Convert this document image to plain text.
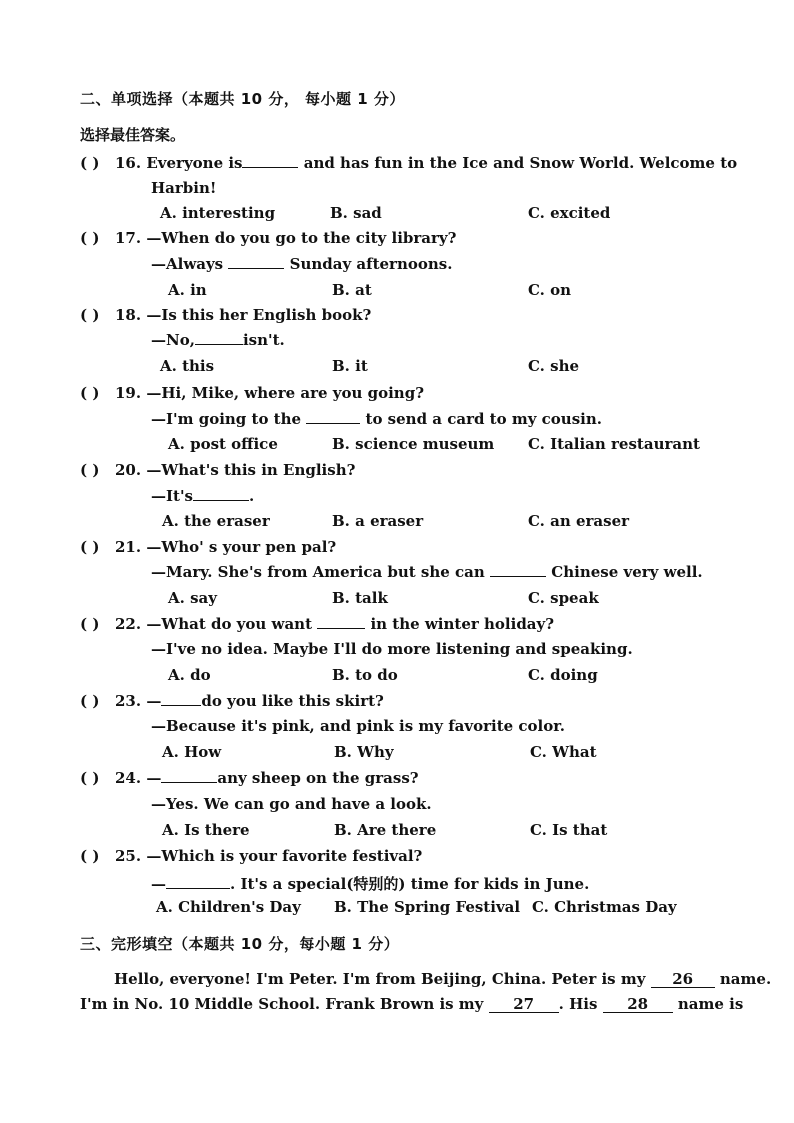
二、单项选择（本题共 10 分， 每小题 1 分）
选择最佳答案。
( ) 16. Everyone is	and has fun in the Ice and Snow World. Welcome to
Harbin!
A. interesting	B. sad	C. excited
( ) 17. —When do you go to the city library?
—Always	Sunday afternoons.
A. in	B. at	C. on
( ) 18. —Is this her English book?
—No,	isn't.
A. this	B. it	C. she
( ) 19. —Hi, Mike, where are you going?
—I'm going to the	to send a card to my cousin.
A. post office	B. science museum C. Italian restaurant
( ) 20. —What's this in English?
—It's	.
A. the eraser	B. a eraser	C. an eraser
( ) 21. —Who' s your pen pal?
—Mary. She's from America but she can	Chinese very well.
A. say	B. talk	C. speak
( ) 22. —What do you want	in the winter holiday?
—I've no idea. Maybe I'll do more listening and speaking.
A. do	B. to do	C. doing
( ) 23. —	do you like this skirt?
—Because it's pink, and pink is my favorite color.
A. How	B. Why	C. What
( ) 24. —	any sheep on the grass?
—Yes. We can go and have a look.
A. Is there	B. Are there	C. Is that
( ) 25. —Which is your favorite festival?
—	. It's a special(特别的) time for kids in June.
A. Children's Day B. The Spring Festival C. Christmas Day
三、完形填空（本题共 10 分，每小题 1 分）
Hello, everyone! I'm Peter. I'm from Beijing, China. Peter is my 26 name.
I'm in No. 10 Middle School. Frank Brown is my 27 . His 28 name is
